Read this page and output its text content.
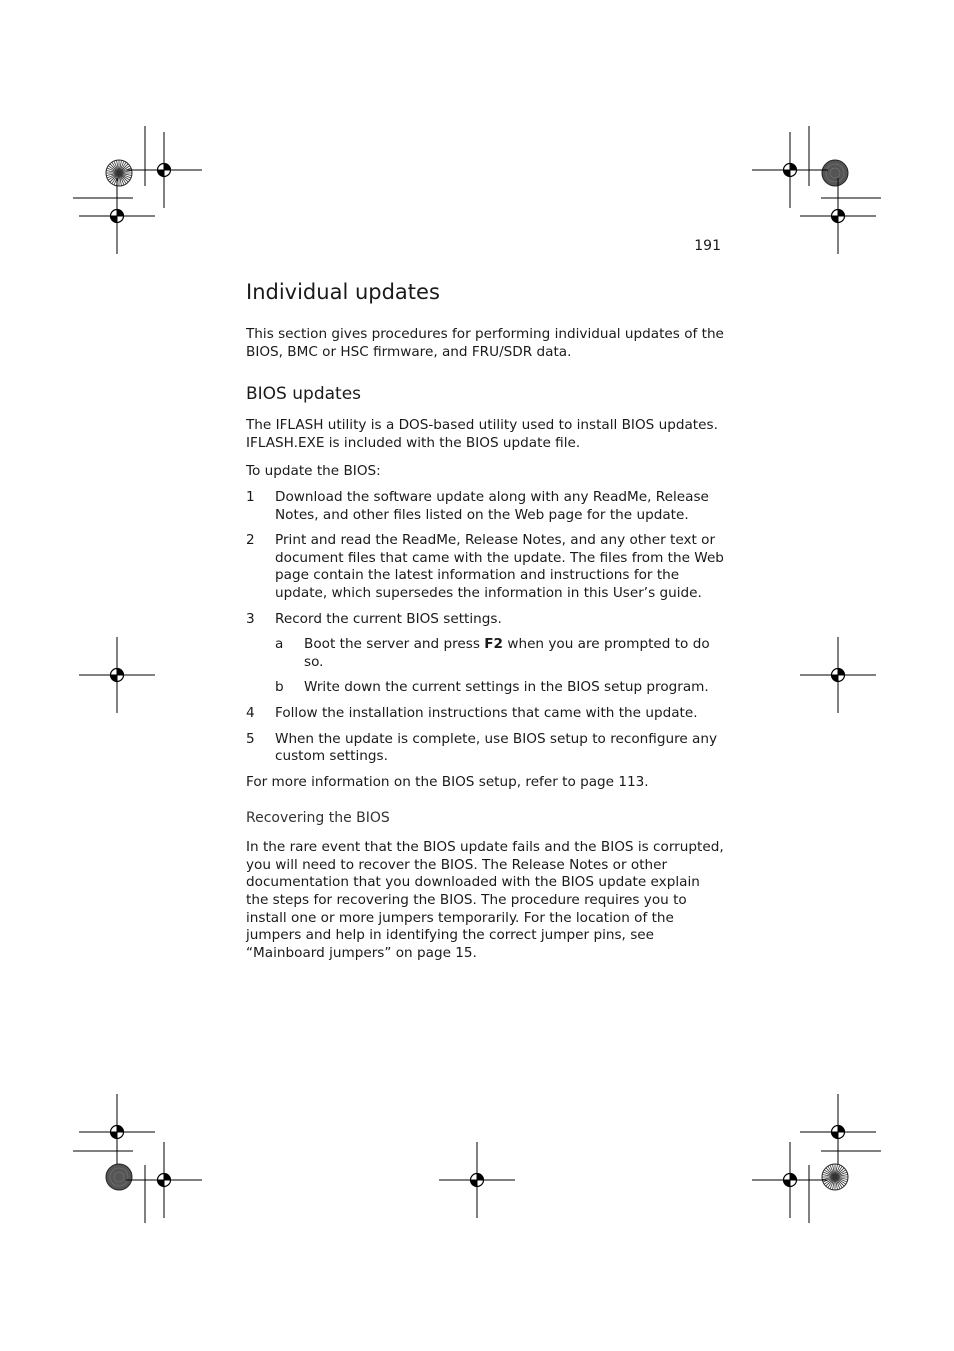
191
Individual updates

This section gives procedures for performing individual updates of the BIOS, BMC or HSC firmware, and FRU/SDR data.

BIOS updates

The IFLASH utility is a DOS-based utility used to install BIOS updates. IFLASH.EXE is included with the BIOS update file.

To update the BIOS:

1	Download the software update along with any ReadMe, Release Notes, and other files listed on the Web page for the update.
2	Print and read the ReadMe, Release Notes, and any other text or document files that came with the update. The files from the Web page contain the latest information and instructions for the update, which supersedes the information in this User’s guide.
3	Record the current BIOS settings.
a	Boot the server and press F2 when you are prompted to do so.
b	Write down the current settings in the BIOS setup program.
4	Follow the installation instructions that came with the update.
5	When the update is complete, use BIOS setup to reconfigure any custom settings.

For more information on the BIOS setup, refer to page 113.

Recovering the BIOS

In the rare event that the BIOS update fails and the BIOS is corrupted, you will need to recover the BIOS. The Release Notes or other documentation that you downloaded with the BIOS update explain the steps for recovering the BIOS. The procedure requires you to install one or more jumpers temporarily. For the location of the jumpers and help in identifying the correct jumper pins, see “Mainboard jumpers” on page 15.
